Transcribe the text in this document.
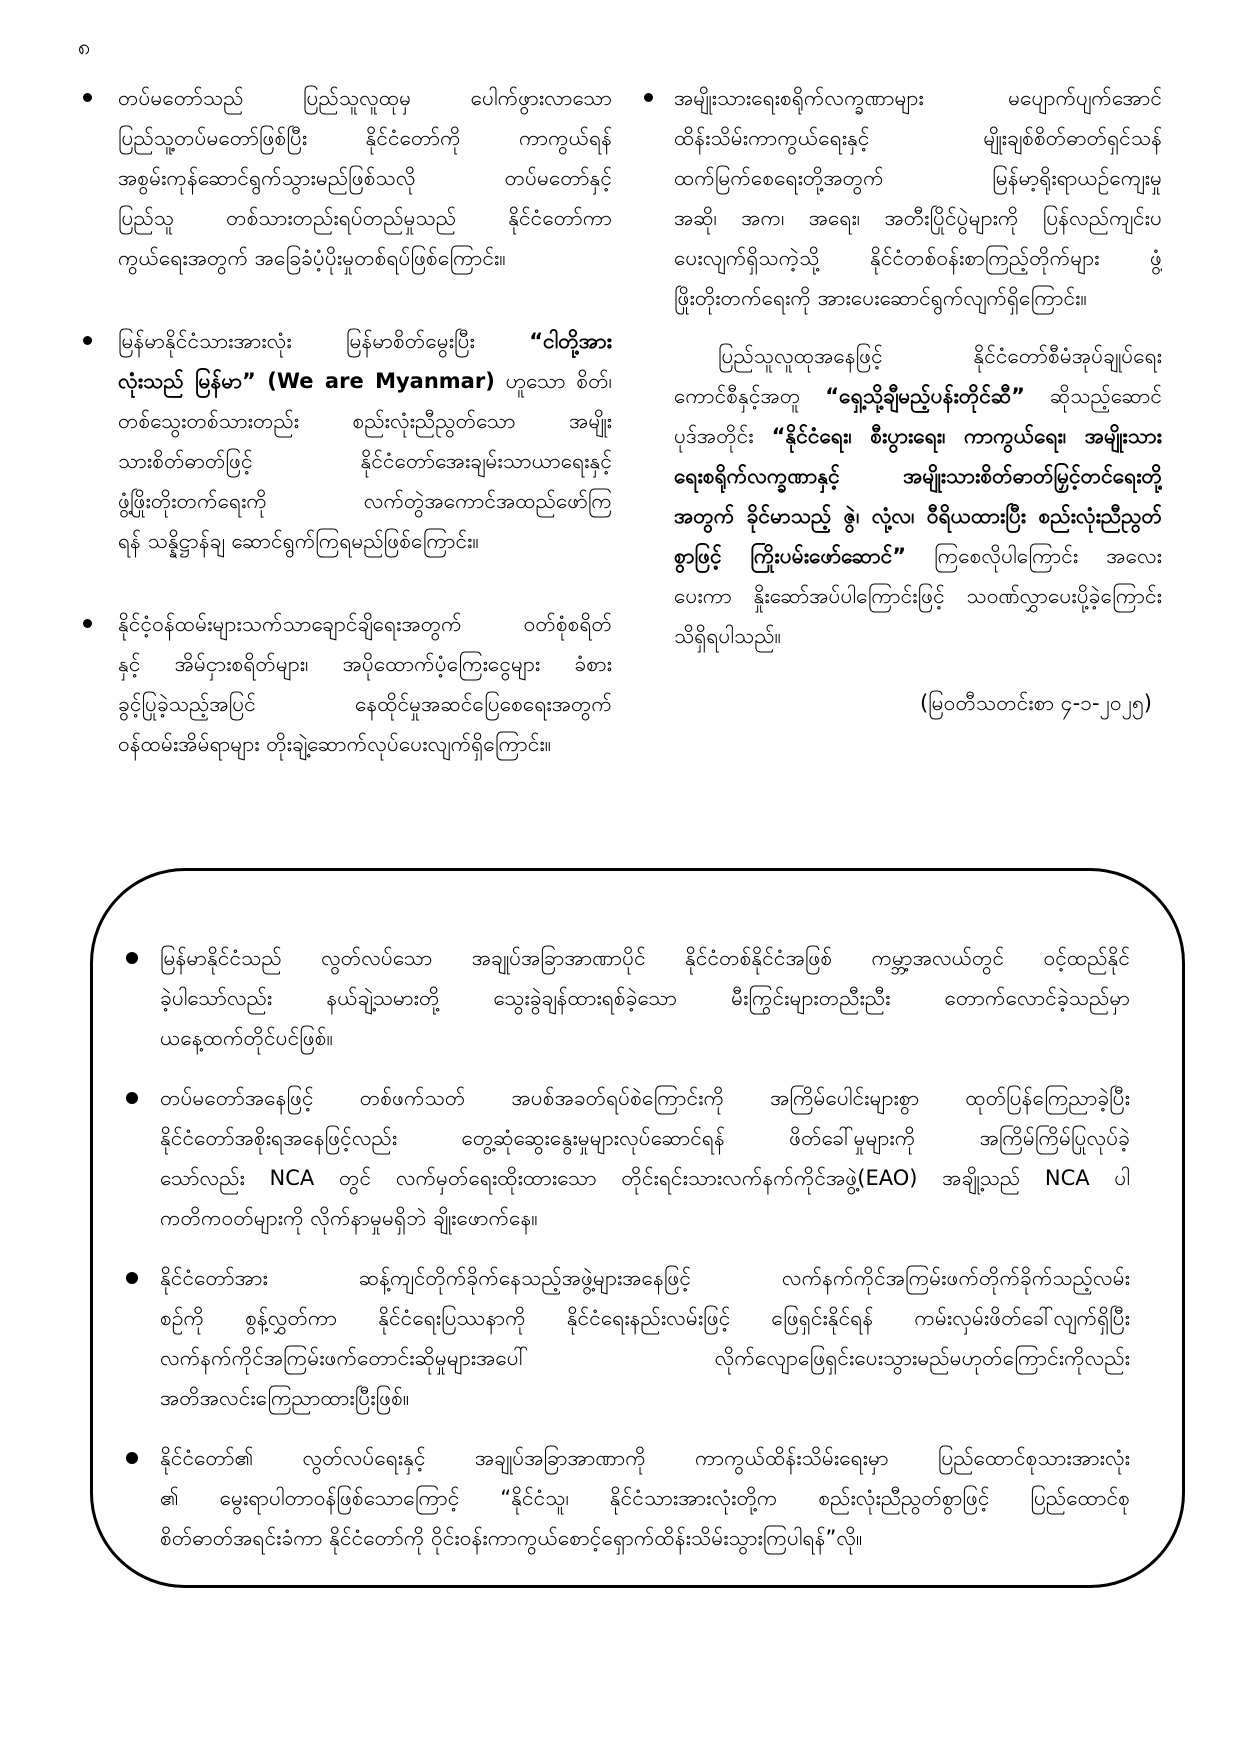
၈
တပ်မတော်သည် ပြည်သူလူထုမှ ပေါက်ဖွားလာသော
ပြည်သူ့တပ်မတော်ဖြစ်ပြီး နိုင်ငံတော်ကို ကာကွယ်ရန်
အစွမ်းကုန်ဆောင်ရွက်သွားမည်ဖြစ်သလို တပ်မတော်နှင့်
ပြည်သူ တစ်သားတည်းရပ်တည်မှုသည် နိုင်ငံတော်ကာ
ကွယ်ရေးအတွက် အခြေခံပံ့ပိုးမှုတစ်ရပ်ဖြစ်ကြောင်း။
မြန်မာနိုင်ငံသားအားလုံး မြန်မာစိတ်မွေးပြီး “ငါတို့အား
လုံးသည် မြန်မာ” (We are Myanmar) ဟူသော စိတ်၊
တစ်သွေးတစ်သားတည်း စည်းလုံးညီညွတ်သော အမျိုး
သားစိတ်ဓာတ်ဖြင့် နိုင်ငံတော်အေးချမ်းသာယာရေးနှင့်
ဖွံ့ဖြိုးတိုးတက်ရေးကို လက်တွဲအကောင်အထည်ဖော်ကြ
ရန် သန္နိဋ္ဌာန်ချ ဆောင်ရွက်ကြရမည်ဖြစ်ကြောင်း။
နိုင်ငံ့ဝန်ထမ်းများသက်သာချောင်ချိရေးအတွက် ဝတ်စုံစရိတ်
နှင့် အိမ်ငှားစရိတ်များ၊ အပိုထောက်ပံ့ကြေးငွေများ ခံစား
ခွင့်ပြုခဲ့သည့်အပြင် နေထိုင်မှုအဆင်ပြေစေရေးအတွက်
ဝန်ထမ်းအိမ်ရာများ တိုးချဲ့ဆောက်လုပ်ပေးလျက်ရှိကြောင်း။
အမျိုးသားရေးစရိုက်လက္ခဏာများ မပျောက်ပျက်အောင်
ထိန်းသိမ်းကာကွယ်ရေးနှင့် မျိုးချစ်စိတ်ဓာတ်ရှင်သန်
ထက်မြက်စေရေးတို့အတွက် မြန်မာ့ရိုးရာယဉ်ကျေးမှု
အဆို၊ အက၊ အရေး၊ အတီးပြိုင်ပွဲများကို ပြန်လည်ကျင်းပ
ပေးလျက်ရှိသကဲ့သို့ နိုင်ငံတစ်ဝန်းစာကြည့်တိုက်များ ဖွံ့
ဖြိုးတိုးတက်ရေးကို အားပေးဆောင်ရွက်လျက်ရှိကြောင်း။
ပြည်သူလူထုအနေဖြင့် နိုင်ငံတော်စီမံအုပ်ချုပ်ရေး
ကောင်စီနှင့်အတူ “ရှေ့သို့ချီမည့်ပန်းတိုင်ဆီ” ဆိုသည့်ဆောင်
ပုဒ်အတိုင်း “နိုင်ငံရေး၊ စီးပွားရေး၊ ကာကွယ်ရေး၊ အမျိုးသား
ရေးစရိုက်လက္ခဏာနှင့် အမျိုးသားစိတ်ဓာတ်မြှင့်တင်ရေးတို့
အတွက် ခိုင်မာသည့် ဇွဲ၊ လုံ့လ၊ ဝီရိယထားပြီး စည်းလုံးညီညွတ်
စွာဖြင့် ကြိုးပမ်းဖော်ဆောင်” ကြစေလိုပါကြောင်း အလေး
ပေးကာ နှိုးဆော်အပ်ပါကြောင်းဖြင့် သဝဏ်လွှာပေးပို့ခဲ့ကြောင်း
သိရှိရပါသည်။
(မြဝတီသတင်းစာ ၄-၁-၂၀၂၅)
မြန်မာနိုင်ငံသည် လွတ်လပ်သော အချုပ်အခြာအာဏာပိုင် နိုင်ငံတစ်နိုင်ငံအဖြစ် ကမ္ဘာ့အလယ်တွင် ဝင့်ထည်နိုင်
ခဲ့ပါသော်လည်း နယ်ချဲ့သမားတို့ သွေးခွဲချန်ထားရစ်ခဲ့သော မီးကြွင်းများတညီးညီး တောက်လောင်ခဲ့သည်မှာ
ယနေ့ထက်တိုင်ပင်ဖြစ်။
တပ်မတော်အနေဖြင့် တစ်ဖက်သတ် အပစ်အခတ်ရပ်စဲကြောင်းကို အကြိမ်ပေါင်းများစွာ ထုတ်ပြန်ကြေညာခဲ့ပြီး
နိုင်ငံတော်အစိုးရအနေဖြင့်လည်း တွေ့ဆုံဆွေးနွေးမှုများလုပ်ဆောင်ရန် ဖိတ်ခေါ်မှုများကို အကြိမ်ကြိမ်ပြုလုပ်ခဲ့
သော်လည်း NCA တွင် လက်မှတ်ရေးထိုးထားသော တိုင်းရင်းသားလက်နက်ကိုင်အဖွဲ့(EAO) အချို့သည် NCA ပါ
ကတိကဝတ်များကို လိုက်နာမှုမရှိဘဲ ချိုးဖောက်နေ။
နိုင်ငံတော်အား ဆန့်ကျင်တိုက်ခိုက်နေသည့်အဖွဲ့များအနေဖြင့် လက်နက်ကိုင်အကြမ်းဖက်တိုက်ခိုက်သည့်လမ်း
စဉ်ကို စွန့်လွှတ်ကာ နိုင်ငံရေးပြဿနာကို နိုင်ငံရေးနည်းလမ်းဖြင့် ဖြေရှင်းနိုင်ရန် ကမ်းလှမ်းဖိတ်ခေါ်လျက်ရှိပြီး
လက်နက်ကိုင်အကြမ်းဖက်တောင်းဆိုမှုများအပေါ် လိုက်လျောဖြေရှင်းပေးသွားမည်မဟုတ်ကြောင်းကိုလည်း
အတိအလင်းကြေညာထားပြီးဖြစ်။
နိုင်ငံတော်၏ လွတ်လပ်ရေးနှင့် အချုပ်အခြာအာဏာကို ကာကွယ်ထိန်းသိမ်းရေးမှာ ပြည်ထောင်စုသားအားလုံး
၏ မွေးရာပါတာဝန်ဖြစ်သောကြောင့် “နိုင်ငံသူ၊ နိုင်ငံသားအားလုံးတို့က စည်းလုံးညီညွတ်စွာဖြင့် ပြည်ထောင်စု
စိတ်ဓာတ်အရင်းခံကာ နိုင်ငံတော်ကို ဝိုင်းဝန်းကာကွယ်စောင့်ရှောက်ထိန်းသိမ်းသွားကြပါရန်”လို။
